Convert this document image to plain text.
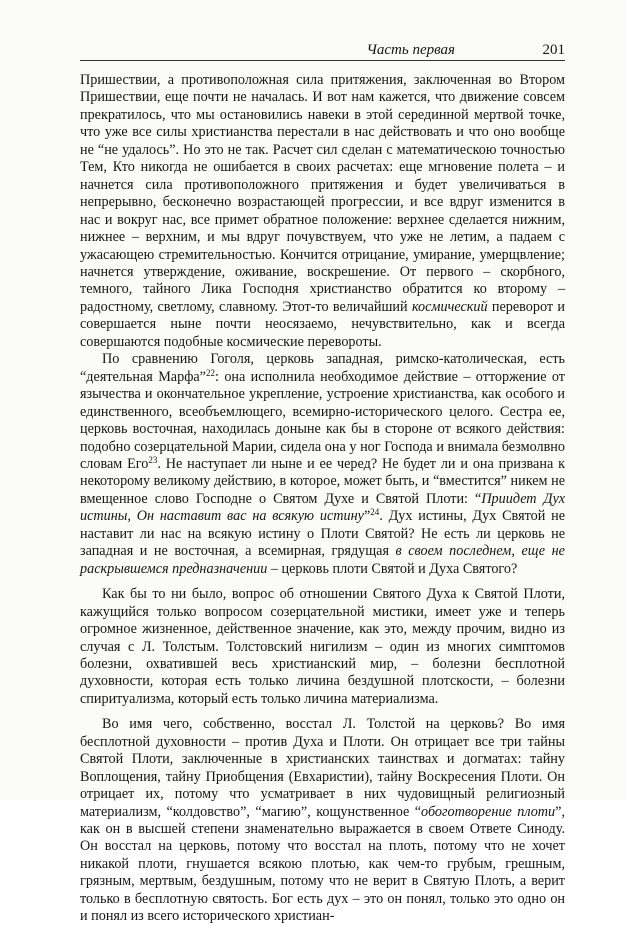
Часть первая	201

Пришествии, а противоположная сила притяжения, заключенная во Втором Пришествии, еще почти не началась. И вот нам кажется, что движение совсем прекратилось, что мы остановились навеки в этой серединной мертвой точке, что уже все силы христианства перестали в нас действовать и что оно вообще не “не удалось”. Но это не так. Расчет сил сделан с математическою точностью Тем, Кто никогда не ошибается в своих расчетах: еще мгновение полета – и начнется сила противоположного притяжения и будет увеличиваться в непрерывно, бесконечно возрастающей прогрессии, и все вдруг изменится в нас и вокруг нас, все примет обратное положение: верхнее сделается нижним, нижнее – верхним, и мы вдруг почувствуем, что уже не летим, а падаем с ужасающею стремительностью. Кончится отрицание, умирание, умерщвление; начнется утверждение, оживание, воскрешение. От первого – скорбного, темного, тайного Лика Господня христианство обратится ко второму – радостному, светлому, славному. Этот-то величайший космический переворот и совершается ныне почти неосязаемо, нечувствительно, как и всегда совершаются подобные космические перевороты.

По сравнению Гоголя, церковь западная, римско-католическая, есть “деятельная Марфа”$^{22}$: она исполнила необходимое действие – отторжение от язычества и окончательное укрепление, устроение христианства, как особого и единственного, всеобъемлющего, всемирно-исторического целого. Сестра ее, церковь восточная, находилась доныне как бы в стороне от всякого действия: подобно созерцательной Марии, сидела она у ног Господа и внимала безмолвно словам Его$^{23}$. Не наступает ли ныне и ее черед? Не будет ли и она призвана к некоторому великому действию, в которое, может быть, и “вместится” никем не вмещенное слово Господне о Святом Духе и Святой Плоти: “Приидет Дух истины, Он наставит вас на всякую истину”$^{24}$. Дух истины, Дух Святой не наставит ли нас на всякую истину о Плоти Святой? Не есть ли церковь не западная и не восточная, а всемирная, грядущая в своем последнем, еще не раскрывшемся предназначении – церковь плоти Святой и Духа Святого?

Как бы то ни было, вопрос об отношении Святого Духа к Святой Плоти, кажущийся только вопросом созерцательной мистики, имеет уже и теперь огромное жизненное, действенное значение, как это, между прочим, видно из случая с Л. Толстым. Толстовский нигилизм – один из многих симптомов болезни, охватившей весь христианский мир, – болезни бесплотной духовности, которая есть только личина бездушной плотскости, – болезни спиритуализма, который есть только личина материализма.

Во имя чего, собственно, восстал Л. Толстой на церковь? Во имя бесплотной духовности – против Духа и Плоти. Он отрицает все три тайны Святой Плоти, заключенные в христианских таинствах и догматах: тайну Воплощения, тайну Приобщения (Евхаристии), тайну Воскресения Плоти. Он отрицает их, потому что усматривает в них чудовищный религиозный материализм, “колдовство”, “магию”, кощунственное “обоготворение плоти”, как он в высшей степени знаменательно выражается в своем Ответе Синоду. Он восстал на церковь, потому что восстал на плоть, потому что не хочет никакой плоти, гнушается всякою плотью, как чем-то грубым, грешным, грязным, мертвым, бездушным, потому что не верит в Святую Плоть, а верит только в бесплотную святость. Бог есть дух – это он понял, только это одно он и понял из всего исторического христиан-
